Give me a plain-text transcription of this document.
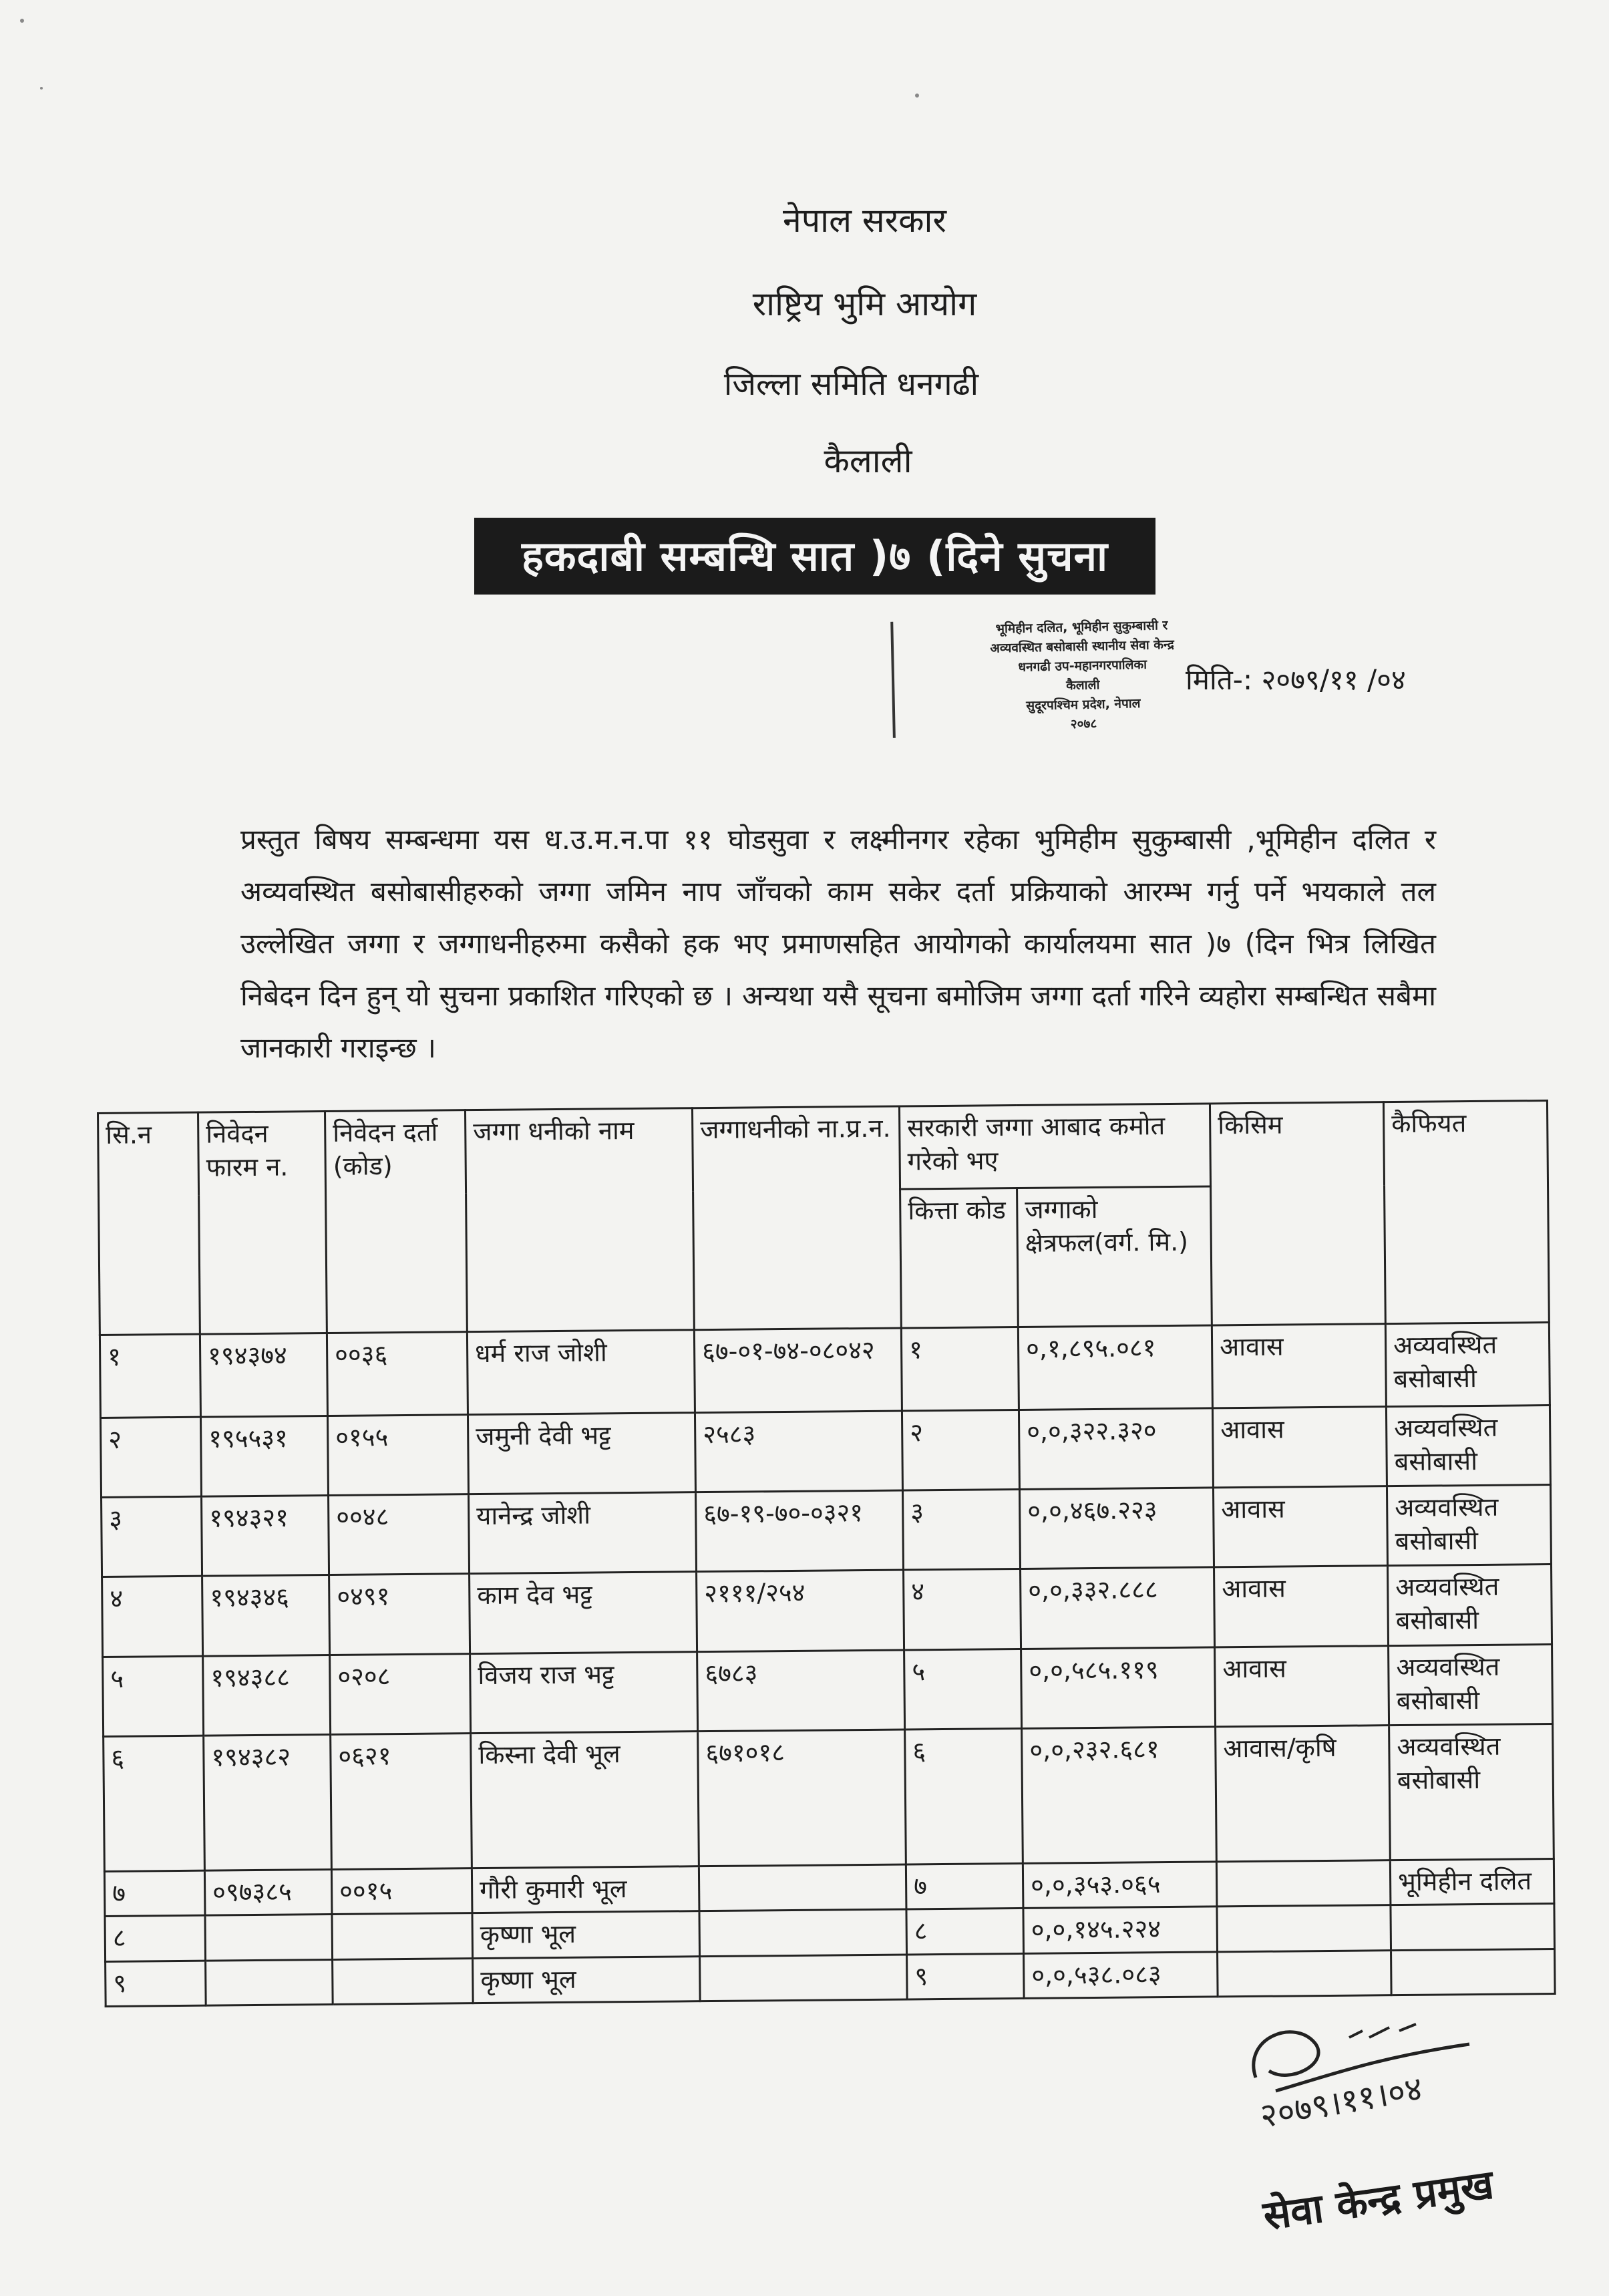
नेपाल सरकार
राष्ट्रिय भुमि आयोग
जिल्ला समिति धनगढी
कैलाली
हकदाबी सम्बन्धि सात )७ (दिने सुचना
भूमिहीन दलित, भूमिहीन सुकुम्बासी र
अव्यवस्थित बसोबासी स्थानीय सेवा केन्द्र
धनगढी उप-महानगरपालिका
कैलाली
सुदूरपश्चिम प्रदेश, नेपाल
२०७८
मिति-: २०७९/११ /०४
प्रस्तुत बिषय सम्बन्धमा यस ध.उ.म.न.पा ११ घोडसुवा र लक्ष्मीनगर रहेका भुमिहीम सुकुम्बासी ,भूमिहीन दलित र अव्यवस्थित बसोबासीहरुको जग्गा जमिन नाप जाँचको काम सकेर दर्ता प्रक्रियाको आरम्भ गर्नु पर्ने भयकाले तल उल्लेखित जग्गा र जग्गाधनीहरुमा कसैको हक भए प्रमाणसहित आयोगको कार्यालयमा सात )७ (दिन भित्र लिखित निबेदन दिन हुन् यो सुचना प्रकाशित गरिएको छ । अन्यथा यसै सूचना बमोजिम जग्गा दर्ता गरिने व्यहोरा सम्बन्धित सबैमा जानकारी गराइन्छ ।
सि.न	निवेदन फारम न.	निवेदन दर्ता (कोड)	जग्गा धनीको नाम	जग्गाधनीको ना.प्र.न.	सरकारी जग्गा आबाद कमोत गरेको भए		किसिम	कैफियत
					कित्ता कोड	जग्गाको क्षेत्रफल(वर्ग. मि.)		
१	१९४३७४	००३६	धर्म राज जोशी	६७-०१-७४-०८०४२	१	०,१,८९५.०८१	आवास	अव्यवस्थित बसोबासी
२	१९५५३१	०१५५	जमुनी देवी भट्ट	२५८३	२	०,०,३२२.३२०	आवास	अव्यवस्थित बसोबासी
३	१९४३२१	००४८	यानेन्द्र जोशी	६७-१९-७०-०३२१	३	०,०,४६७.२२३	आवास	अव्यवस्थित बसोबासी
४	१९४३४६	०४९१	काम देव भट्ट	२१११/२५४	४	०,०,३३२.८८८	आवास	अव्यवस्थित बसोबासी
५	१९४३८८	०२०८	विजय राज भट्ट	६७८३	५	०,०,५८५.११९	आवास	अव्यवस्थित बसोबासी
६	१९४३८२	०६२१	किस्ना देवी भूल	६७१०१८	६	०,०,२३२.६८१	आवास/कृषि	अव्यवस्थित बसोबासी
७	०९७३८५	००१५	गौरी कुमारी भूल		७	०,०,३५३.०६५		भूमिहीन दलित
८			कृष्णा भूल		८	०,०,१४५.२२४		
९			कृष्णा भूल		९	०,०,५३८.०८३		
२०७९।११।०४
सेवा केन्द्र प्रमुख
